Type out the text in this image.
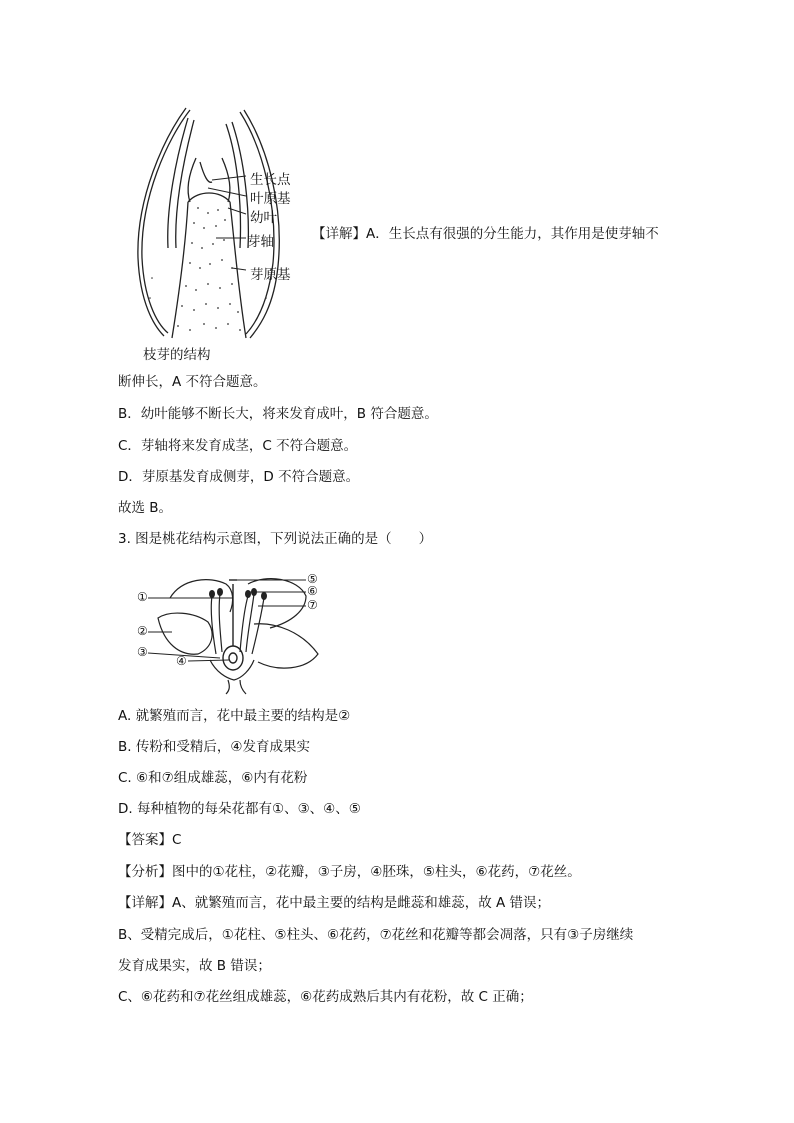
生长点
叶原基
幼叶
芽轴
芽原基
枝芽的结构
【详解】A．生长点有很强的分生能力，其作用是使芽轴不
断伸长，A 不符合题意。
B．幼叶能够不断长大，将来发育成叶，B 符合题意。
C．芽轴将来发育成茎，C 不符合题意。
D．芽原基发育成侧芽，D 不符合题意。
故选 B。
3. 图是桃花结构示意图，下列说法正确的是（　　）
①
②
③
④
⑤
⑥
⑦
A. 就繁殖而言，花中最主要的结构是②
B. 传粉和受精后，④发育成果实
C. ⑥和⑦组成雄蕊，⑥内有花粉
D. 每种植物的每朵花都有①、③、④、⑤
【答案】C
【分析】图中的①花柱，②花瓣，③子房，④胚珠，⑤柱头，⑥花药，⑦花丝。
【详解】A、就繁殖而言，花中最主要的结构是雌蕊和雄蕊，故 A 错误；
B、受精完成后，①花柱、⑤柱头、⑥花药，⑦花丝和花瓣等都会凋落，只有③子房继续
发育成果实，故 B 错误；
C、⑥花药和⑦花丝组成雄蕊，⑥花药成熟后其内有花粉，故 C 正确；
